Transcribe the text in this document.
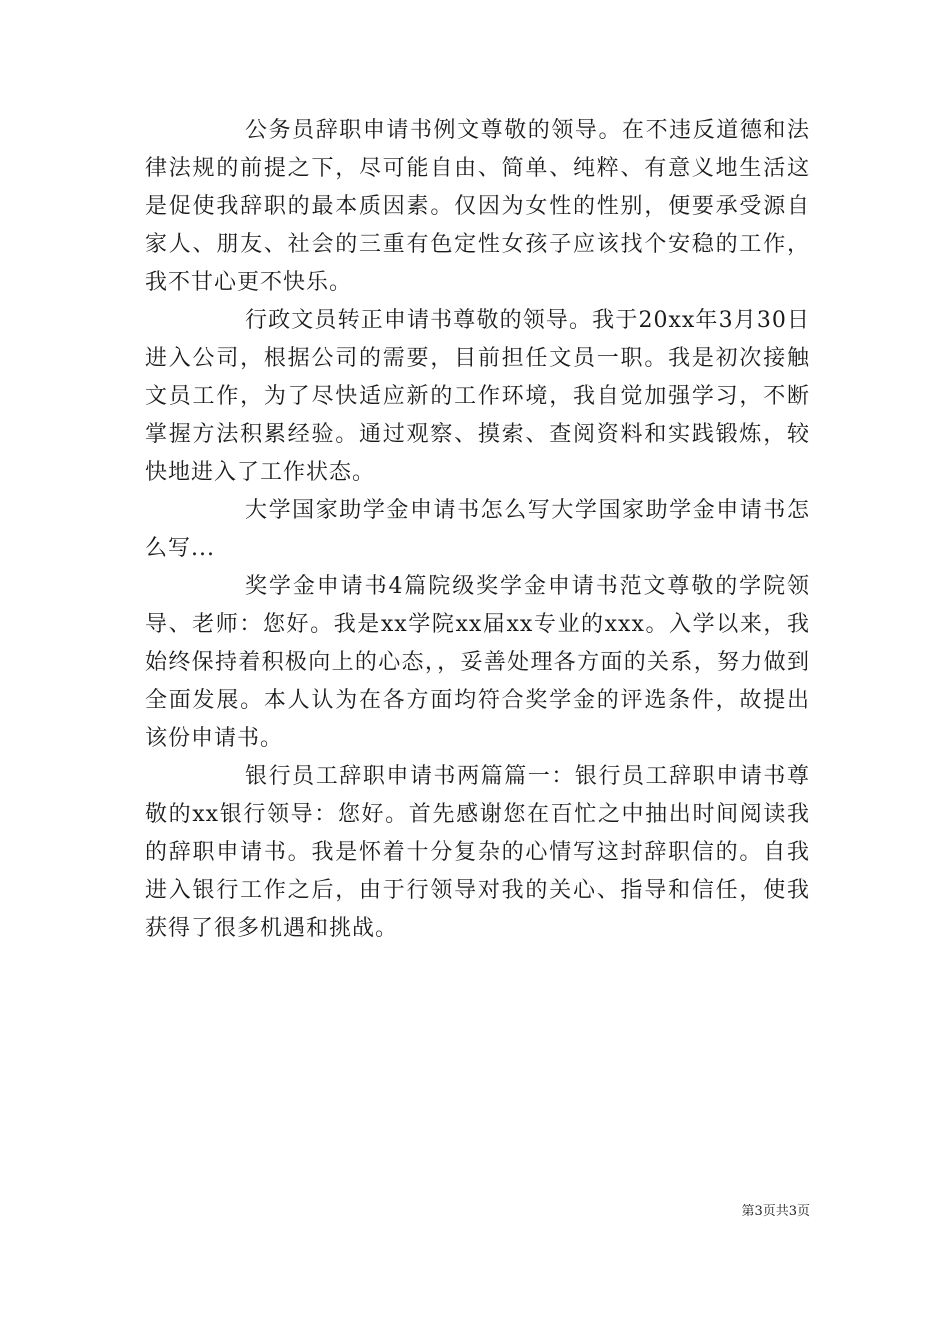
公务员辞职申请书例文尊敬的领导。在不违反道德和法律法规的前提之下，尽可能自由、简单、纯粹、有意义地生活这是促使我辞职的最本质因素。仅因为女性的性别，便要承受源自家人、朋友、社会的三重有色定性女孩子应该找个安稳的工作，我不甘心更不快乐。

行政文员转正申请书尊敬的领导。我于20xx年3月30日进入公司，根据公司的需要，目前担任文员一职。我是初次接触文员工作，为了尽快适应新的工作环境，我自觉加强学习，不断掌握方法积累经验。通过观察、摸索、查阅资料和实践锻炼，较快地进入了工作状态。

大学国家助学金申请书怎么写大学国家助学金申请书怎么写...

奖学金申请书4篇院级奖学金申请书范文尊敬的学院领导、老师：您好。我是xx学院xx届xx专业的xxx。入学以来，我始终保持着积极向上的心态，，妥善处理各方面的关系，努力做到全面发展。本人认为在各方面均符合奖学金的评选条件，故提出该份申请书。

银行员工辞职申请书两篇篇一：银行员工辞职申请书尊敬的xx银行领导：您好。首先感谢您在百忙之中抽出时间阅读我的辞职申请书。我是怀着十分复杂的心情写这封辞职信的。自我进入银行工作之后，由于行领导对我的关心、指导和信任，使我获得了很多机遇和挑战。

第3页共3页
